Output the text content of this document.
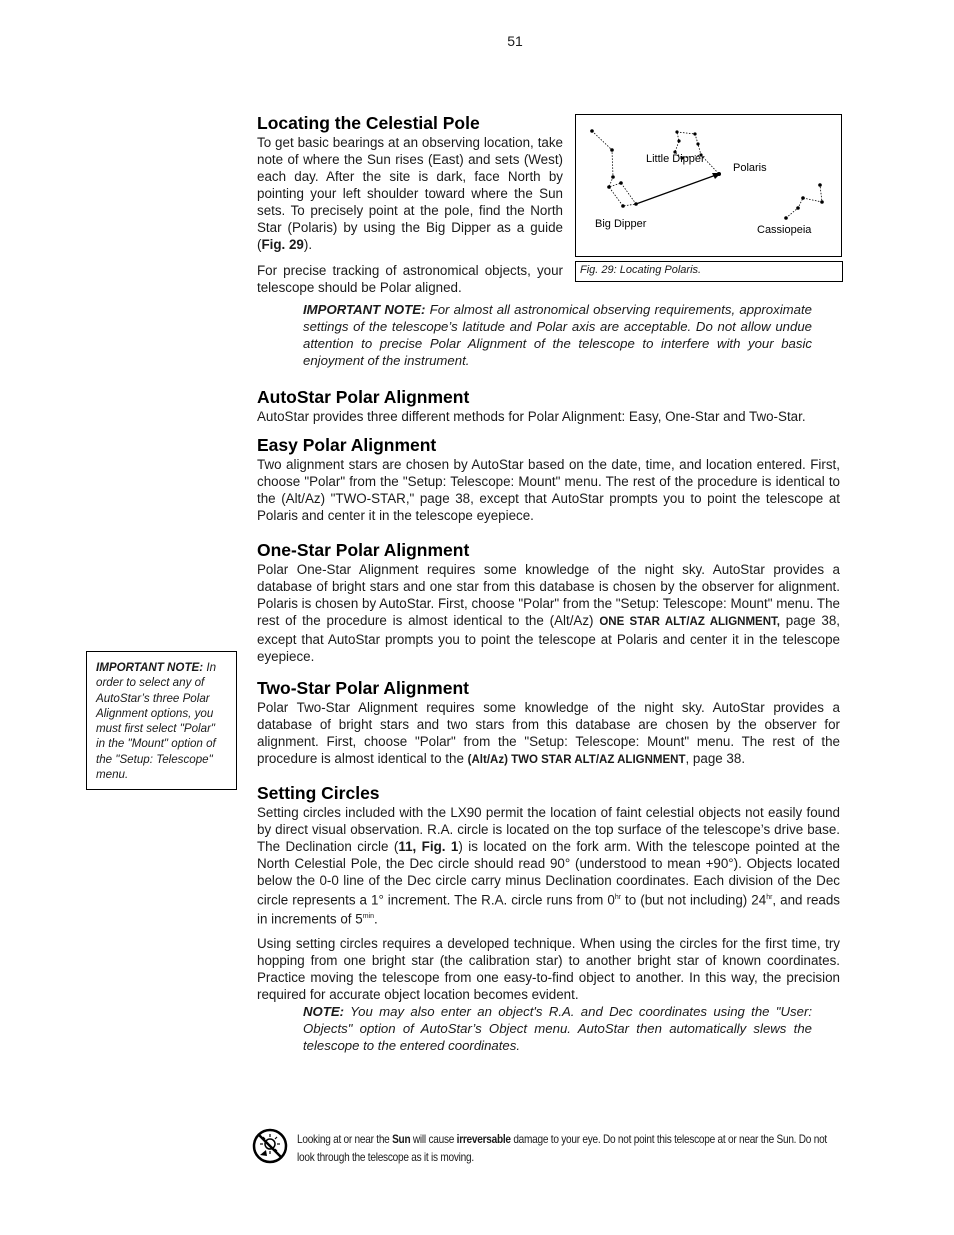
51
Locating the Celestial Pole

To get basic bearings at an observing location, take note of where the Sun rises (East) and sets (West) each day. After the site is dark, face North by pointing your left shoulder toward where the Sun sets. To precisely point at the pole, find the North Star (Polaris) by using the Big Dipper as a guide (Fig. 29).

For precise tracking of astronomical objects, your telescope should be Polar aligned.

Little Dipper
Polaris
Big Dipper	Cassiopeia
Fig. 29: Locating Polaris.
IMPORTANT NOTE: For almost all astronomical observing requirements, approximate settings of the telescope’s latitude and Polar axis are acceptable. Do not allow undue attention to precise Polar Alignment of the telescope to interfere with your basic enjoyment of the instrument.
AutoStar Polar Alignment

AutoStar provides three different methods for Polar Alignment: Easy, One-Star and Two-Star.

Easy Polar Alignment

Two alignment stars are chosen by AutoStar based on the date, time, and location entered. First, choose "Polar" from the "Setup: Telescope: Mount" menu. The rest of the procedure is identical to the (Alt/Az) "TWO-STAR," page 38, except that AutoStar prompts you to point the telescope at Polaris and center it in the telescope eyepiece.

One-Star Polar Alignment

Polar One-Star Alignment requires some knowledge of the night sky. AutoStar provides a database of bright stars and one star from this database is chosen by the observer for alignment. Polaris is chosen by AutoStar. First, choose "Polar" from the "Setup: Telescope: Mount" menu. The rest of the procedure is almost identical to the (Alt/Az) ONE STAR ALT/AZ ALIGNMENT, page 38, except that AutoStar prompts you to point the telescope at Polaris and center it in the telescope eyepiece.

IMPORTANT NOTE: In order to select any of AutoStar’s three Polar Alignment options, you must first select "Polar" in the "Mount" option of the "Setup: Telescope" menu.
Two-Star Polar Alignment

Polar Two-Star Alignment requires some knowledge of the night sky. AutoStar provides a database of bright stars and two stars from this database are chosen by the observer for alignment. First, choose "Polar" from the "Setup: Telescope: Mount" menu. The rest of the procedure is almost identical to the (Alt/Az) TWO STAR ALT/AZ ALIGNMENT, page 38.

Setting Circles

Setting circles included with the LX90 permit the location of faint celestial objects not easily found by direct visual observation. R.A. circle is located on the top surface of the telescope’s drive base. The Declination circle (11, Fig. 1) is located on the fork arm. With the telescope pointed at the North Celestial Pole, the Dec circle should read 90° (understood to mean +90°). Objects located below the 0-0 line of the Dec circle carry minus Declination coordinates. Each division of the Dec circle represents a 1° increment. The R.A. circle runs from $0^{hr}$ to (but not including) $24^{hr}$, and reads in increments of $5^{min}$.

Using setting circles requires a developed technique. When using the circles for the first time, try hopping from one bright star (the calibration star) to another bright star of known coordinates. Practice moving the telescope from one easy-to-find object to another. In this way, the precision required for accurate object location becomes evident.

NOTE: You may also enter an object's R.A. and Dec coordinates using the "User: Objects" option of AutoStar’s Object menu. AutoStar then automatically slews the telescope to the entered coordinates.
Looking at or near the Sun will cause irreversable damage to your eye. Do not point this telescope at or near the Sun. Do not look through the telescope as it is moving.
